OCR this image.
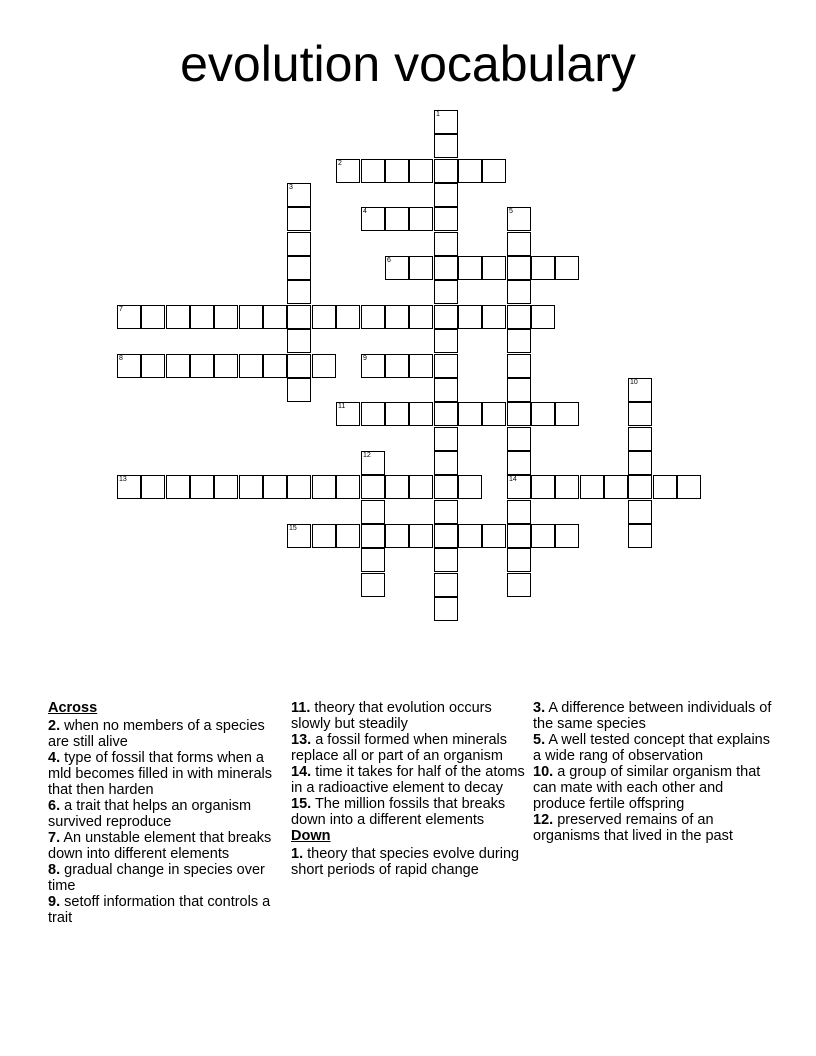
evolution vocabulary
2
4
6
7
8	9
11
13	14
15
1
3
5
10
12
Across
2. when no members of a species are still alive
4. type of fossil that forms when a mld becomes filled in with minerals that then harden
6. a trait that helps an organism survived reproduce
7. An unstable element that breaks down into different elements
8. gradual change in species over time
9. setoff information that controls a trait
11. theory that evolution occurs slowly but steadily
13. a fossil formed when minerals replace all or part of an organism
14. time it takes for half of the atoms in a radioactive element to decay
15. The million fossils that breaks down into a different elements
Down
1. theory that species evolve during short periods of rapid change
3. A difference between individuals of the same species
5. A well tested concept that explains a wide rang of observation
10. a group of similar organism that can mate with each other and produce fertile offspring
12. preserved remains of an organisms that lived in the past
